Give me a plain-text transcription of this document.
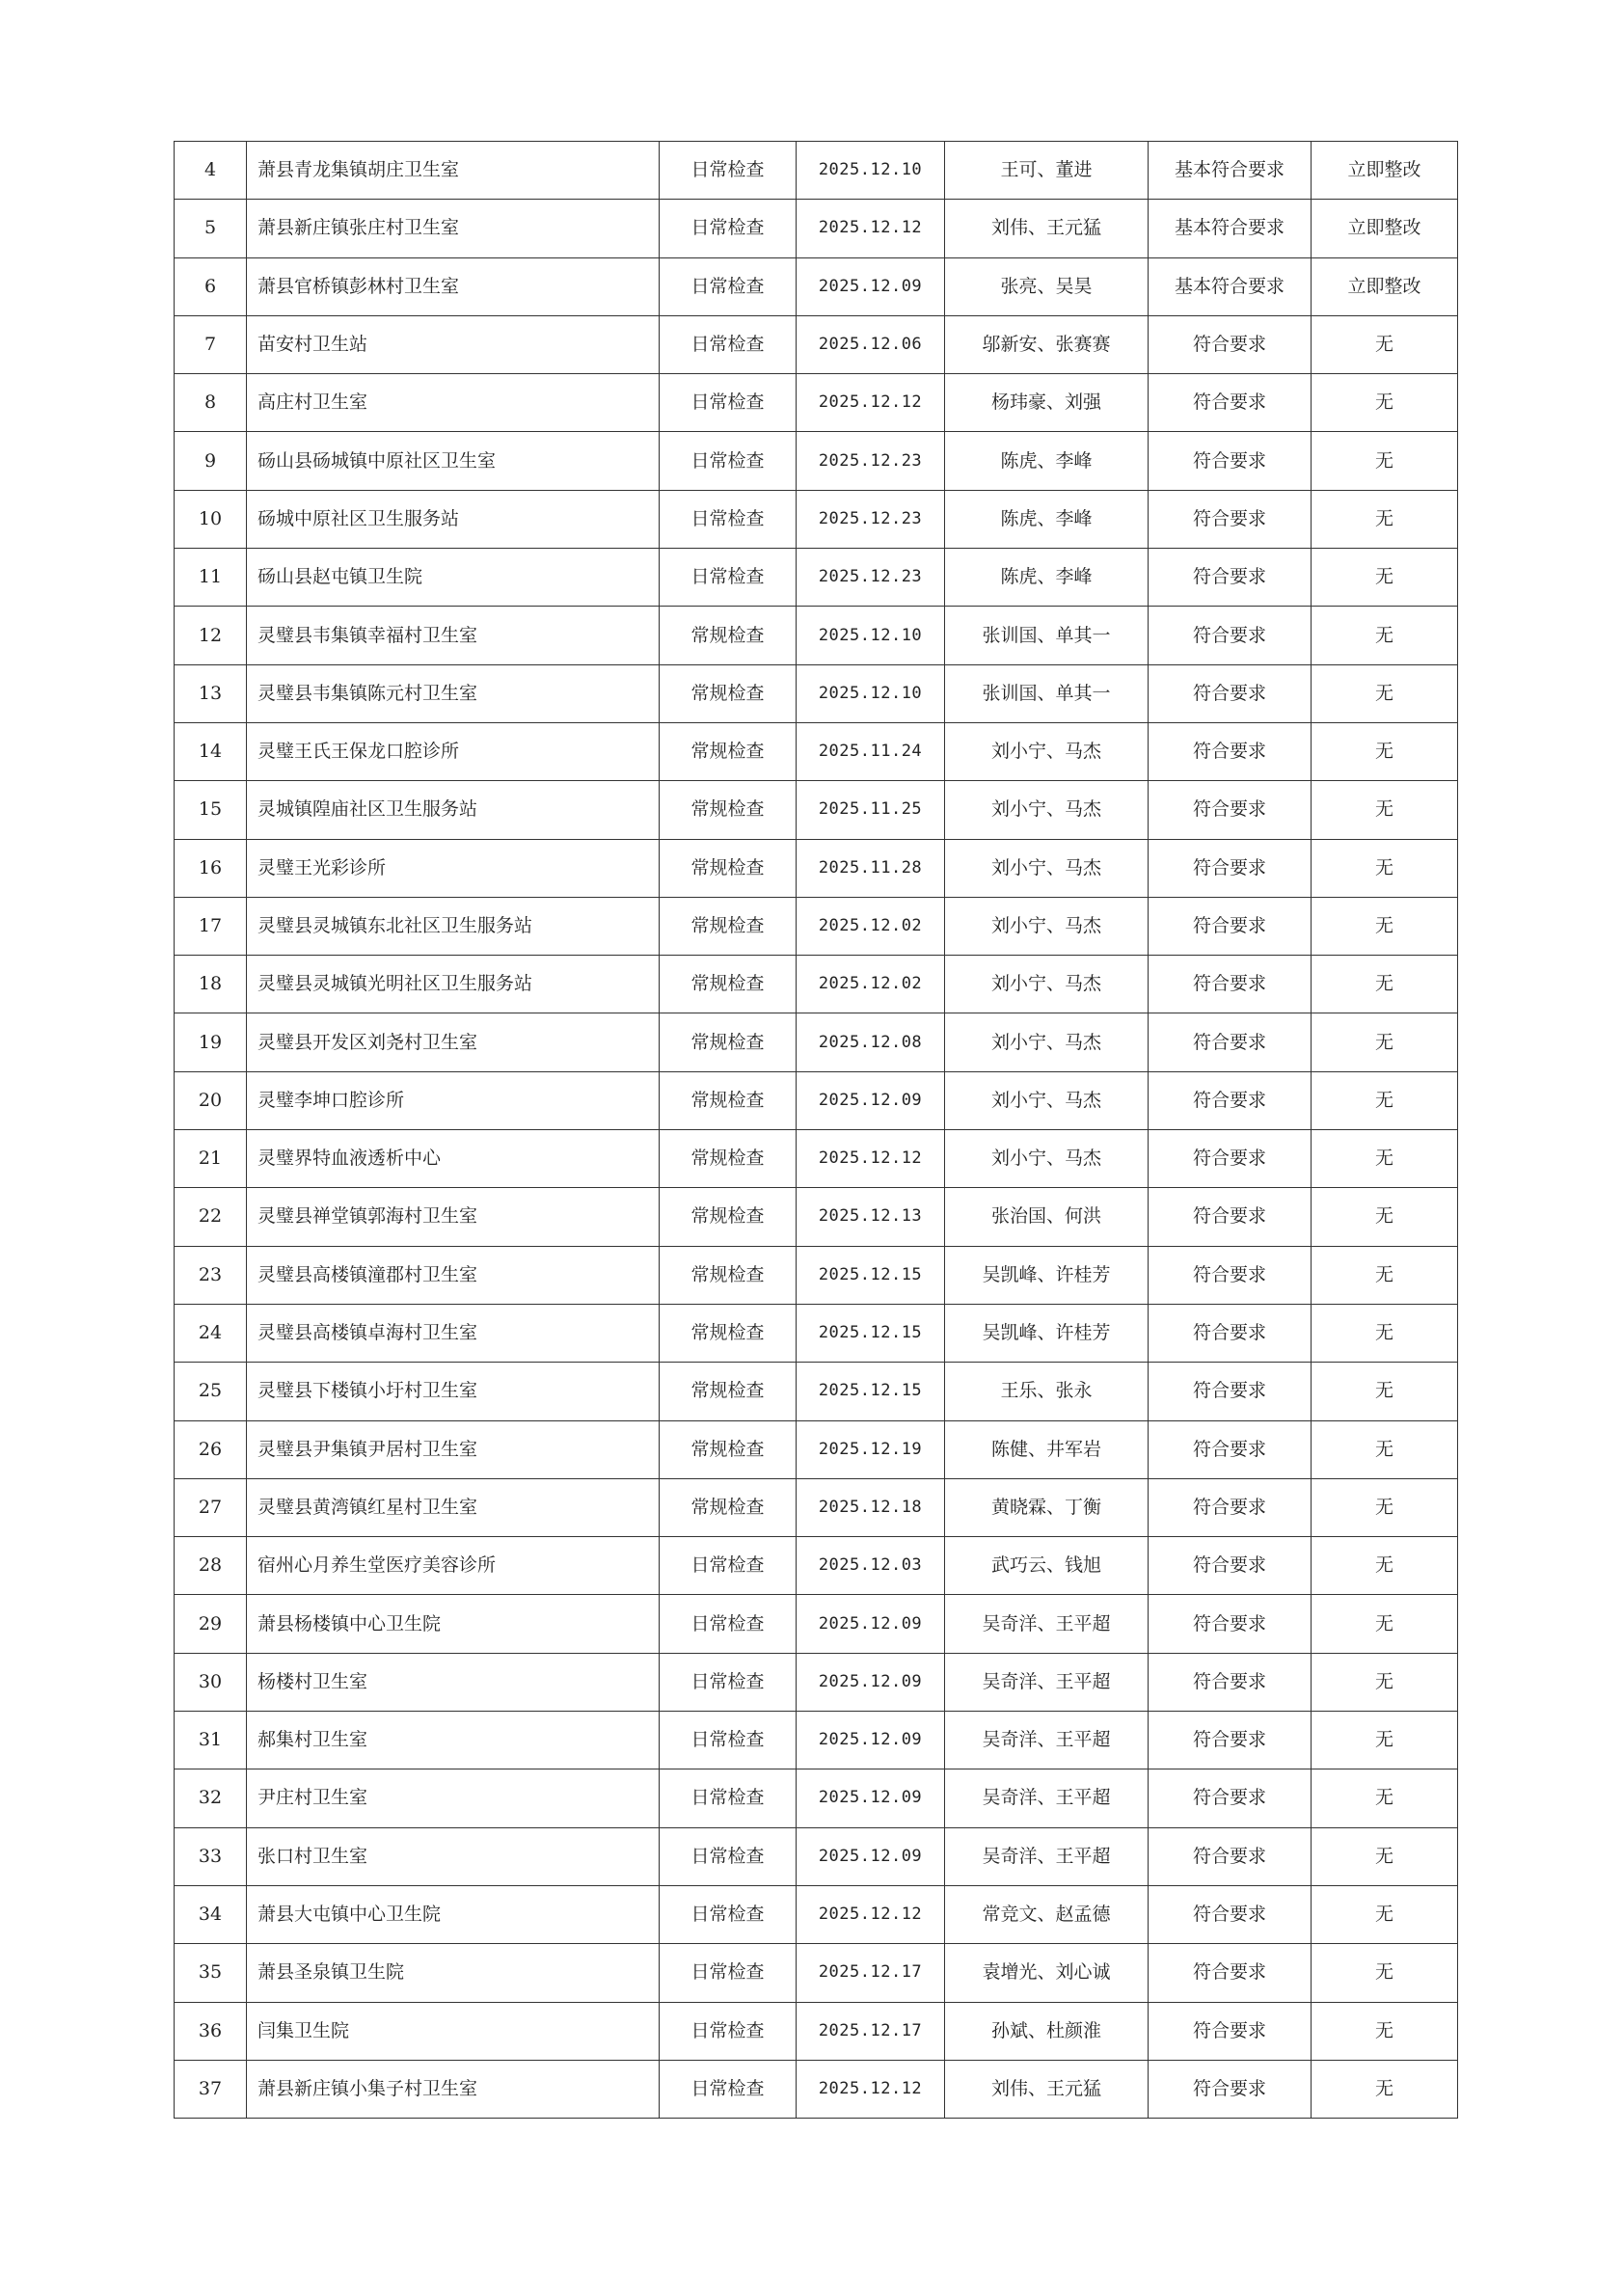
4	萧县青龙集镇胡庄卫生室	日常检查	2025.12.10	王可、董进	基本符合要求	立即整改
5	萧县新庄镇张庄村卫生室	日常检查	2025.12.12	刘伟、王元猛	基本符合要求	立即整改
6	萧县官桥镇彭林村卫生室	日常检查	2025.12.09	张亮、吴昊	基本符合要求	立即整改
7	苗安村卫生站	日常检查	2025.12.06	邬新安、张赛赛	符合要求	无
8	高庄村卫生室	日常检查	2025.12.12	杨玮豪、刘强	符合要求	无
9	砀山县砀城镇中原社区卫生室	日常检查	2025.12.23	陈虎、李峰	符合要求	无
10	砀城中原社区卫生服务站	日常检查	2025.12.23	陈虎、李峰	符合要求	无
11	砀山县赵屯镇卫生院	日常检查	2025.12.23	陈虎、李峰	符合要求	无
12	灵璧县韦集镇幸福村卫生室	常规检查	2025.12.10	张训国、单其一	符合要求	无
13	灵璧县韦集镇陈元村卫生室	常规检查	2025.12.10	张训国、单其一	符合要求	无
14	灵璧王氏王保龙口腔诊所	常规检查	2025.11.24	刘小宁、马杰	符合要求	无
15	灵城镇隍庙社区卫生服务站	常规检查	2025.11.25	刘小宁、马杰	符合要求	无
16	灵璧王光彩诊所	常规检查	2025.11.28	刘小宁、马杰	符合要求	无
17	灵璧县灵城镇东北社区卫生服务站	常规检查	2025.12.02	刘小宁、马杰	符合要求	无
18	灵璧县灵城镇光明社区卫生服务站	常规检查	2025.12.02	刘小宁、马杰	符合要求	无
19	灵璧县开发区刘尧村卫生室	常规检查	2025.12.08	刘小宁、马杰	符合要求	无
20	灵璧李坤口腔诊所	常规检查	2025.12.09	刘小宁、马杰	符合要求	无
21	灵璧界特血液透析中心	常规检查	2025.12.12	刘小宁、马杰	符合要求	无
22	灵璧县禅堂镇郭海村卫生室	常规检查	2025.12.13	张治国、何洪	符合要求	无
23	灵璧县高楼镇潼郡村卫生室	常规检查	2025.12.15	吴凯峰、许桂芳	符合要求	无
24	灵璧县高楼镇卓海村卫生室	常规检查	2025.12.15	吴凯峰、许桂芳	符合要求	无
25	灵璧县下楼镇小圩村卫生室	常规检查	2025.12.15	王乐、张永	符合要求	无
26	灵璧县尹集镇尹居村卫生室	常规检查	2025.12.19	陈健、井军岩	符合要求	无
27	灵璧县黄湾镇红星村卫生室	常规检查	2025.12.18	黄晓霖、丁衡	符合要求	无
28	宿州心月养生堂医疗美容诊所	日常检查	2025.12.03	武巧云、钱旭	符合要求	无
29	萧县杨楼镇中心卫生院	日常检查	2025.12.09	吴奇洋、王平超	符合要求	无
30	杨楼村卫生室	日常检查	2025.12.09	吴奇洋、王平超	符合要求	无
31	郝集村卫生室	日常检查	2025.12.09	吴奇洋、王平超	符合要求	无
32	尹庄村卫生室	日常检查	2025.12.09	吴奇洋、王平超	符合要求	无
33	张口村卫生室	日常检查	2025.12.09	吴奇洋、王平超	符合要求	无
34	萧县大屯镇中心卫生院	日常检查	2025.12.12	常竞文、赵孟德	符合要求	无
35	萧县圣泉镇卫生院	日常检查	2025.12.17	袁增光、刘心诚	符合要求	无
36	闫集卫生院	日常检查	2025.12.17	孙斌、杜颜淮	符合要求	无
37	萧县新庄镇小集子村卫生室	日常检查	2025.12.12	刘伟、王元猛	符合要求	无
